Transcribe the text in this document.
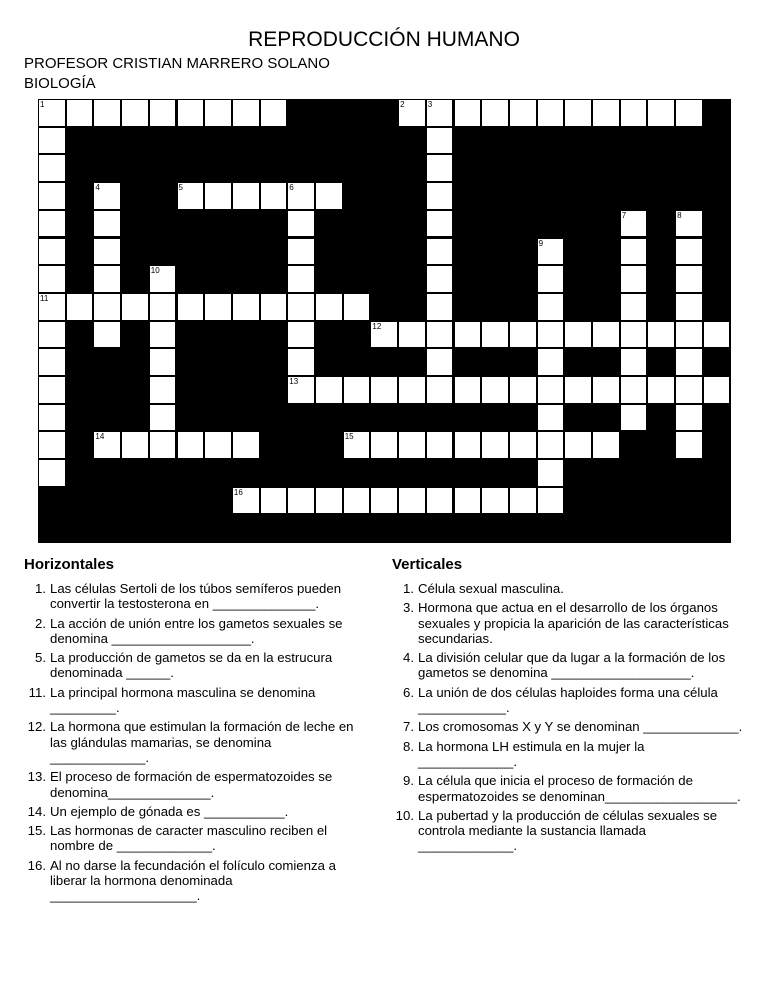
REPRODUCCIÓN HUMANO
PROFESOR CRISTIAN MARRERO SOLANO
BIOLOGÍA
1
11
2	3
4	5	6
7	8
9
10
12
13
14	15
16
Horizontales	Verticales
1. Las células Sertoli de los túbos semíferos pueden convertir la testosterona en ______________.
2. La acción de unión entre los gametos sexuales se denomina ___________________.
5. La producción de gametos se da en la estrucura denominada ______.
11. La principal hormona masculina se denomina _________.
12. La hormona que estimulan la formación de leche en las glándulas mamarias, se denomina _____________.
13. El proceso de formación de espermatozoides se denomina______________.
14. Un ejemplo de gónada es ___________.
15. Las hormonas de caracter masculino reciben el nombre de _____________.
16. Al no darse la fecundación el folículo comienza a liberar la hormona denominada ____________________.
1. Célula sexual masculina.
3. Hormona que actua en el desarrollo de los órganos sexuales y propicia la aparición de las características secundarias.
4. La división celular que da lugar a la formación de los gametos se denomina ___________________.
6. La unión de dos células haploides forma una célula ____________.
7. Los cromosomas X y Y se denominan _____________.
8. La hormona LH estimula en la mujer la _____________.
9. La célula que inicia el proceso de formación de espermatozoides se denominan__________________.
10. La pubertad y la producción de células sexuales se controla mediante la sustancia llamada _____________.
